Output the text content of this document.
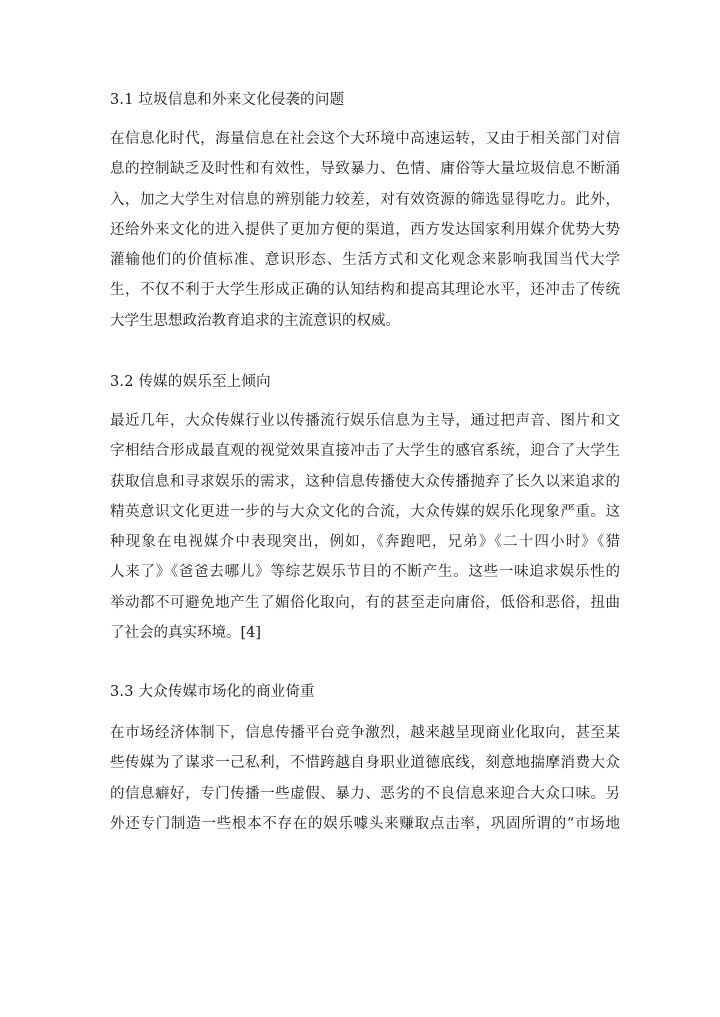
3.1 垃圾信息和外来文化侵袭的问题
在信息化时代，海量信息在社会这个大环境中高速运转，又由于相关部门对信
息的控制缺乏及时性和有效性，导致暴力、色情、庸俗等大量垃圾信息不断涌
入，加之大学生对信息的辨别能力较差，对有效资源的筛选显得吃力。此外，
还给外来文化的进入提供了更加方便的渠道，西方发达国家利用媒介优势大势
灌输他们的价值标准、意识形态、生活方式和文化观念来影响我国当代大学
生，不仅不利于大学生形成正确的认知结构和提高其理论水平，还冲击了传统
大学生思想政治教育追求的主流意识的权威。
3.2 传媒的娱乐至上倾向
最近几年，大众传媒行业以传播流行娱乐信息为主导，通过把声音、图片和文
字相结合形成最直观的视觉效果直接冲击了大学生的感官系统，迎合了大学生
获取信息和寻求娱乐的需求，这种信息传播使大众传播抛弃了长久以来追求的
精英意识文化更进一步的与大众文化的合流，大众传媒的娱乐化现象严重。这
种现象在电视媒介中表现突出，例如，《奔跑吧，兄弟》《二十四小时》《猎
人来了》《爸爸去哪儿》等综艺娱乐节目的不断产生。这些一味追求娱乐性的
举动都不可避免地产生了媚俗化取向，有的甚至走向庸俗，低俗和恶俗，扭曲
了社会的真实环境。[4]
3.3 大众传媒市场化的商业倚重
在市场经济体制下，信息传播平台竞争激烈，越来越呈现商业化取向，甚至某
些传媒为了谋求一己私利，不惜跨越自身职业道德底线，刻意地揣摩消费大众
的信息癖好，专门传播一些虚假、暴力、恶劣的不良信息来迎合大众口味。另
外还专门制造一些根本不存在的娱乐噱头来赚取点击率，巩固所谓的“市场地
